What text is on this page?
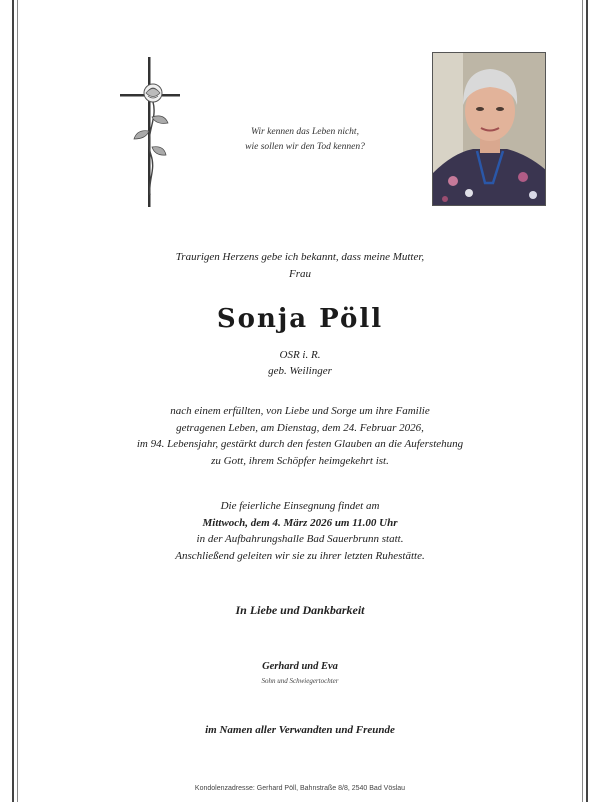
Wir kennen das Leben nicht,
wie sollen wir den Tod kennen?

Traurigen Herzens gebe ich bekannt, dass meine Mutter,

Frau

Sonja Pöll

OSR i. R.

geb. Weilinger

nach einem erfüllten, von Liebe und Sorge um ihre Familie

getragenen Leben, am Dienstag, dem 24. Februar 2026,

im 94. Lebensjahr, gestärkt durch den festen Glauben an die Auferstehung

zu Gott, ihrem Schöpfer heimgekehrt ist.

Die feierliche Einsegnung findet am

Mittwoch, dem 4. März 2026 um 11.00 Uhr

in der Aufbahrungshalle Bad Sauerbrunn statt.

Anschließend geleiten wir sie zu ihrer letzten Ruhestätte.

In Liebe und Dankbarkeit

Gerhard und Eva

Sohn und Schwiegertochter

im Namen aller Verwandten und Freunde

Kondolenzadresse: Gerhard Pöll, Bahnstraße 8/8, 2540 Bad Vöslau
